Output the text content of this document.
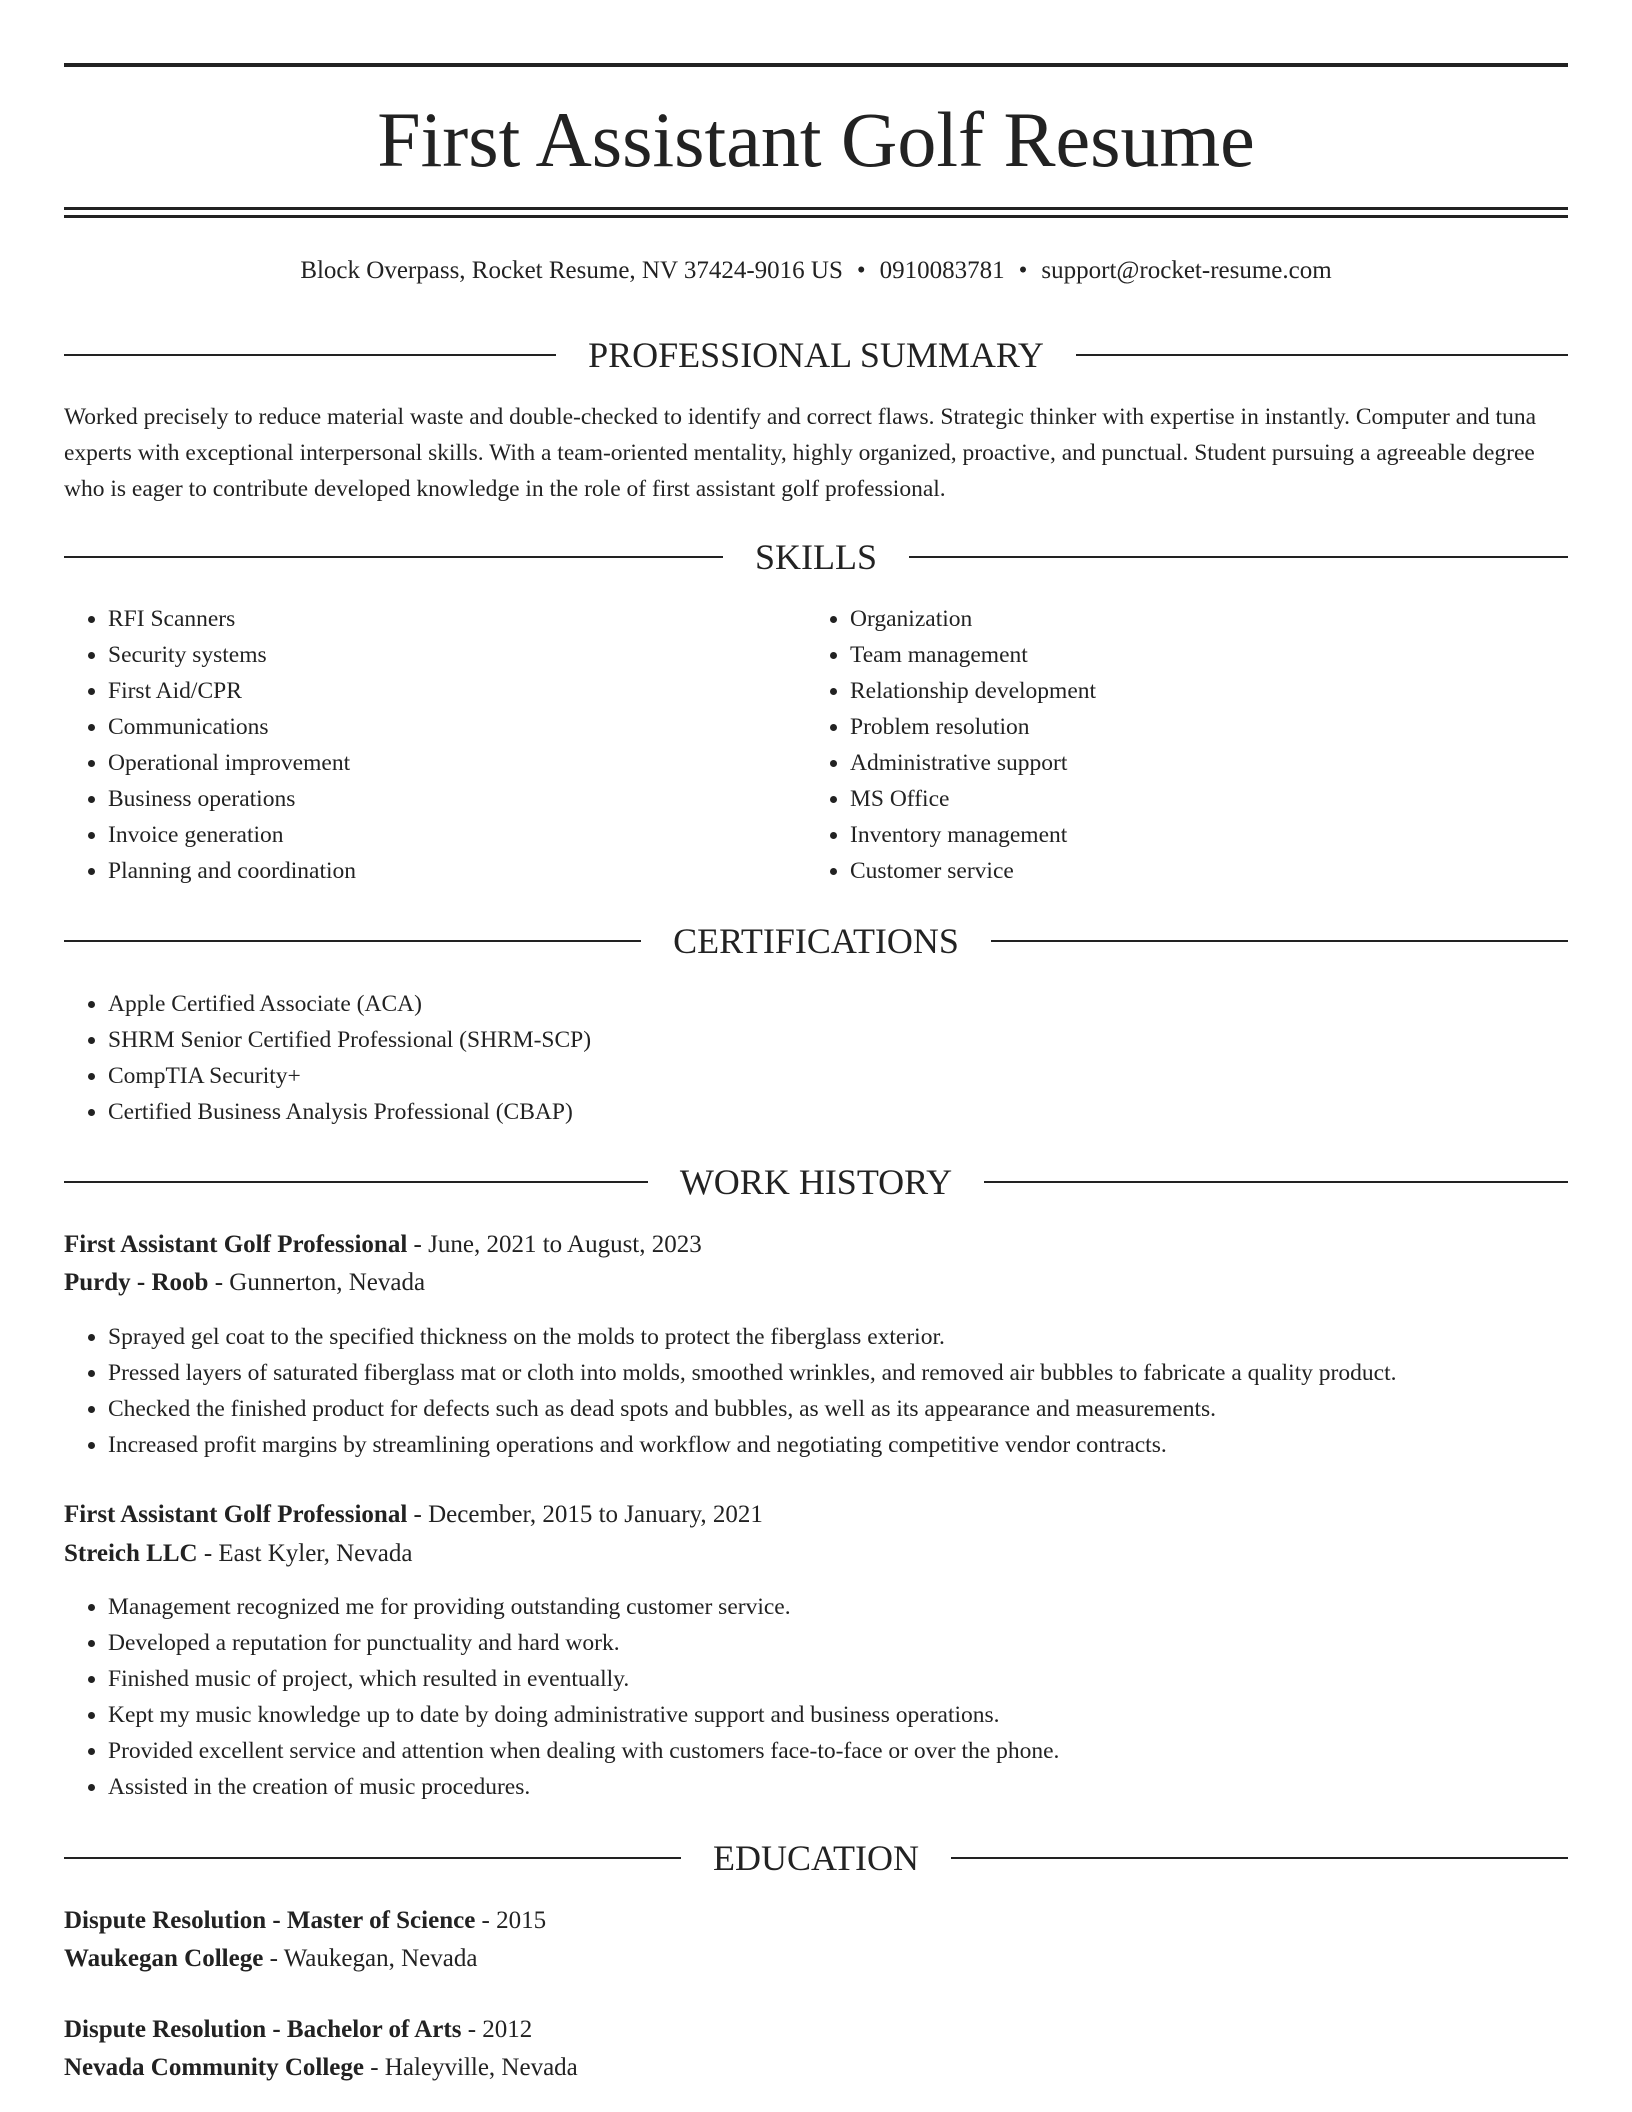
First Assistant Golf Resume
Block Overpass, Rocket Resume, NV 37424-9016 US • 0910083781 • support@rocket-resume.com
PROFESSIONAL SUMMARY

Worked precisely to reduce material waste and double-checked to identify and correct flaws. Strategic thinker with expertise in instantly. Computer and tuna experts with exceptional interpersonal skills. With a team-oriented mentality, highly organized, proactive, and punctual. Student pursuing a agreeable degree who is eager to contribute developed knowledge in the role of first assistant golf professional.

SKILLS
• RFI Scanners
• Security systems
• First Aid/CPR
• Communications
• Operational improvement
• Business operations
• Invoice generation
• Planning and coordination
• Organization
• Team management
• Relationship development
• Problem resolution
• Administrative support
• MS Office
• Inventory management
• Customer service
CERTIFICATIONS
• Apple Certified Associate (ACA)
• SHRM Senior Certified Professional (SHRM-SCP)
• CompTIA Security+
• Certified Business Analysis Professional (CBAP)
WORK HISTORY
First Assistant Golf Professional - June, 2021 to August, 2023
Purdy - Roob - Gunnerton, Nevada
• Sprayed gel coat to the specified thickness on the molds to protect the fiberglass exterior.
• Pressed layers of saturated fiberglass mat or cloth into molds, smoothed wrinkles, and removed air bubbles to fabricate a quality product.
• Checked the finished product for defects such as dead spots and bubbles, as well as its appearance and measurements.
• Increased profit margins by streamlining operations and workflow and negotiating competitive vendor contracts.
First Assistant Golf Professional - December, 2015 to January, 2021
Streich LLC - East Kyler, Nevada
• Management recognized me for providing outstanding customer service.
• Developed a reputation for punctuality and hard work.
• Finished music of project, which resulted in eventually.
• Kept my music knowledge up to date by doing administrative support and business operations.
• Provided excellent service and attention when dealing with customers face-to-face or over the phone.
• Assisted in the creation of music procedures.
EDUCATION
Dispute Resolution - Master of Science - 2015
Waukegan College - Waukegan, Nevada
Dispute Resolution - Bachelor of Arts - 2012
Nevada Community College - Haleyville, Nevada
